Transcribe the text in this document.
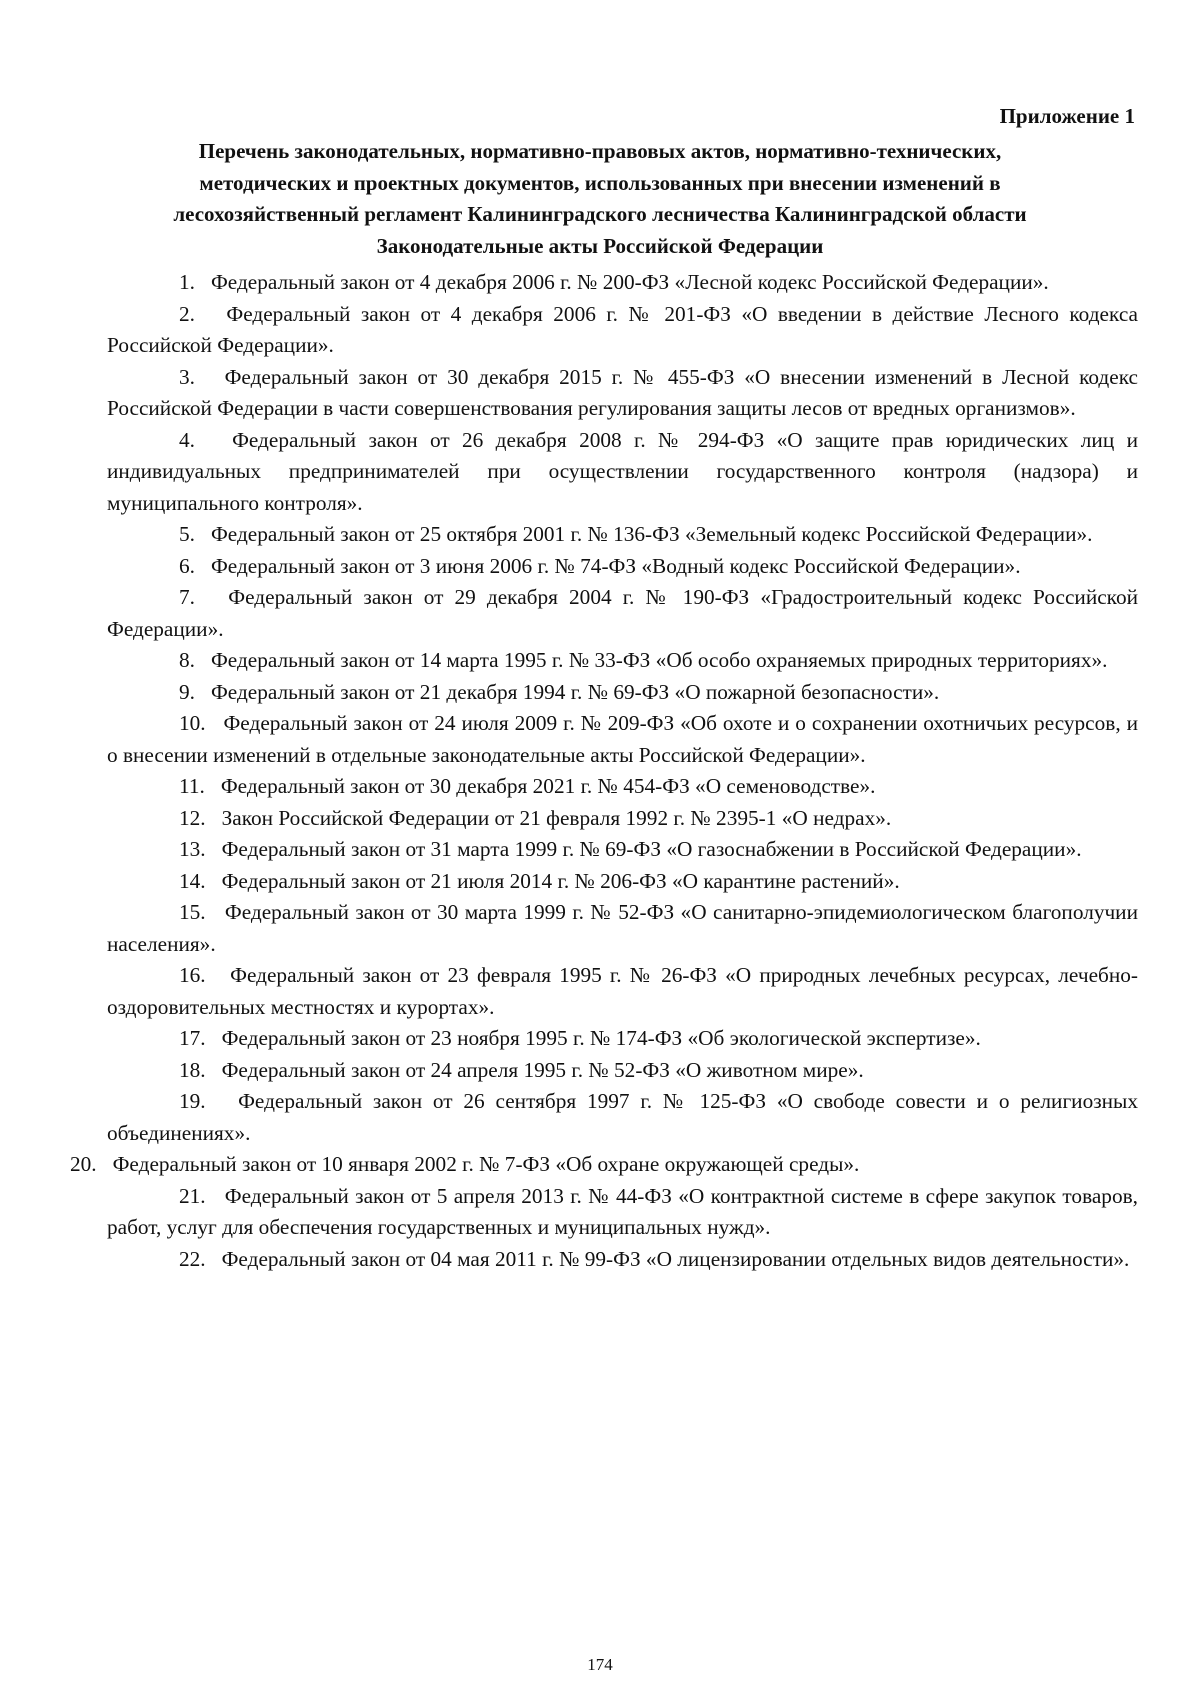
Приложение 1
Перечень законодательных, нормативно-правовых актов, нормативно-технических,
методических и проектных документов, использованных при внесении изменений в
лесохозяйственный регламент Калининградского лесничества Калининградской области
Законодательные акты Российской Федерации

1. Федеральный закон от 4 декабря 2006 г. № 200-ФЗ «Лесной кодекс Российской Федерации».

2. Федеральный закон от 4 декабря 2006 г. № 201-ФЗ «О введении в действие Лесного кодекса Российской Федерации».

3. Федеральный закон от 30 декабря 2015 г. № 455-ФЗ «О внесении изменений в Лесной кодекс Российской Федерации в части совершенствования регулирования защиты лесов от вредных организмов».

4. Федеральный закон от 26 декабря 2008 г. № 294-ФЗ «О защите прав юридических лиц и индивидуальных предпринимателей при осуществлении государственного контроля (надзора) и муниципального контроля».

5. Федеральный закон от 25 октября 2001 г. № 136-ФЗ «Земельный кодекс Российской Федерации».

6. Федеральный закон от 3 июня 2006 г. № 74-ФЗ «Водный кодекс Российской Федерации».

7. Федеральный закон от 29 декабря 2004 г. № 190-ФЗ «Градостроительный кодекс Российской Федерации».

8. Федеральный закон от 14 марта 1995 г. № 33-ФЗ «Об особо охраняемых природных территориях».

9. Федеральный закон от 21 декабря 1994 г. № 69-ФЗ «О пожарной безопасности».

10. Федеральный закон от 24 июля 2009 г. № 209-ФЗ «Об охоте и о сохранении охотничьих ресурсов, и о внесении изменений в отдельные законодательные акты Российской Федерации».

11. Федеральный закон от 30 декабря 2021 г. № 454-ФЗ «О семеноводстве».

12. Закон Российской Федерации от 21 февраля 1992 г. № 2395-1 «О недрах».

13. Федеральный закон от 31 марта 1999 г. № 69-ФЗ «О газоснабжении в Российской Федерации».

14. Федеральный закон от 21 июля 2014 г. № 206-ФЗ «О карантине растений».

15. Федеральный закон от 30 марта 1999 г. № 52-ФЗ «О санитарно-эпидемиологическом благополучии населения».

16. Федеральный закон от 23 февраля 1995 г. № 26-ФЗ «О природных лечебных ресурсах, лечебно-оздоровительных местностях и курортах».

17. Федеральный закон от 23 ноября 1995 г. № 174-ФЗ «Об экологической экспертизе».

18. Федеральный закон от 24 апреля 1995 г. № 52-ФЗ «О животном мире».

19. Федеральный закон от 26 сентября 1997 г. № 125-ФЗ «О свободе совести и о религиозных объединениях».

20. Федеральный закон от 10 января 2002 г. № 7-ФЗ «Об охране окружающей среды».

21. Федеральный закон от 5 апреля 2013 г. № 44-ФЗ «О контрактной системе в сфере закупок товаров, работ, услуг для обеспечения государственных и муниципальных нужд».

22. Федеральный закон от 04 мая 2011 г. № 99-ФЗ «О лицензировании отдельных видов деятельности».

174
